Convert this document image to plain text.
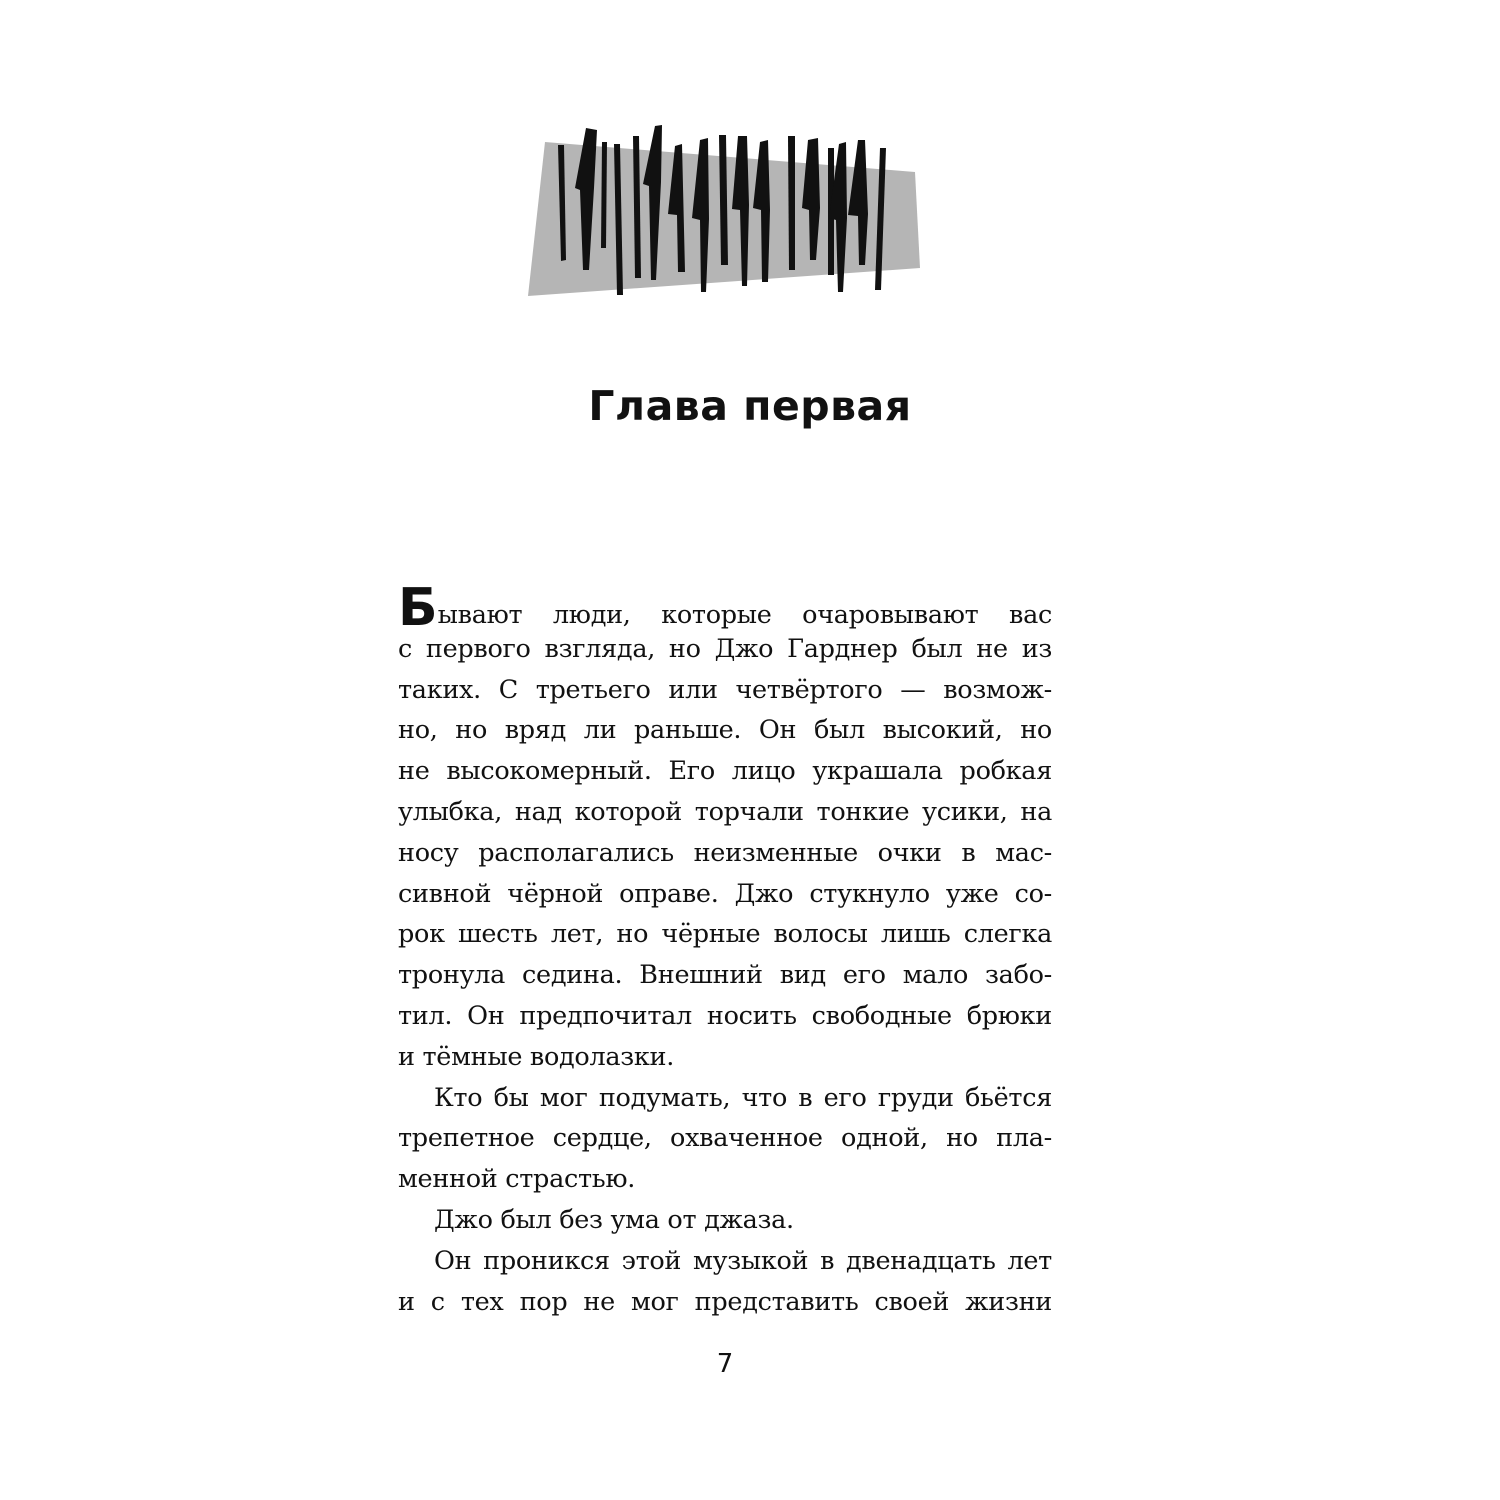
Глава первая
Бывают люди, которые очаровывают вас
с первого взгляда, но Джо Гарднер был не из
таких. С третьего или четвёртого — возмож-
но, но вряд ли раньше. Он был высокий, но
не высокомерный. Его лицо украшала робкая
улыбка, над которой торчали тонкие усики, на
носу располагались неизменные очки в мас-
сивной чёрной оправе. Джо стукнуло уже со-
рок шесть лет, но чёрные волосы лишь слегка
тронула седина. Внешний вид его мало забо-
тил. Он предпочитал носить свободные брюки
и тёмные водолазки.
Кто бы мог подумать, что в его груди бьётся
трепетное сердце, охваченное одной, но пла-
менной страстью.
Джо был без ума от джаза.
Он проникся этой музыкой в двенадцать лет
и с тех пор не мог представить своей жизни
7
